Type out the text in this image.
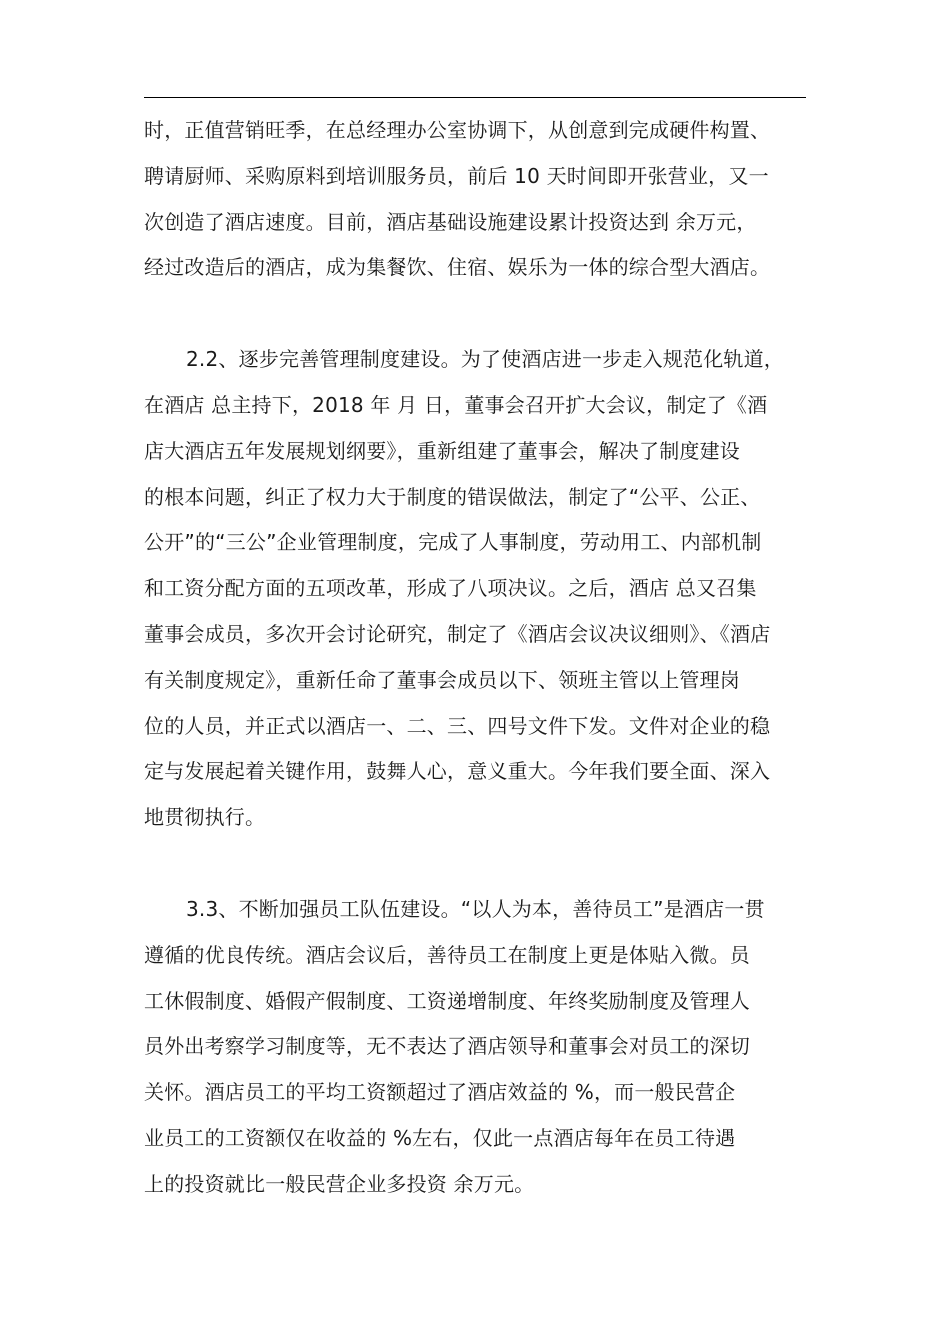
时，正值营销旺季，在总经理办公室协调下，从创意到完成硬件构置、
聘请厨师、采购原料到培训服务员，前后 10 天时间即开张营业，又一
次创造了酒店速度。目前，酒店基础设施建设累计投资达到 余万元，
经过改造后的酒店，成为集餐饮、住宿、娱乐为一体的综合型大酒店。

2.2、逐步完善管理制度建设。为了使酒店进一步走入规范化轨道，
在酒店 总主持下，2018 年 月 日，董事会召开扩大会议，制定了《酒
店大酒店五年发展规划纲要》，重新组建了董事会，解决了制度建设
的根本问题，纠正了权力大于制度的错误做法，制定了“公平、公正、
公开”的“三公”企业管理制度，完成了人事制度，劳动用工、内部机制
和工资分配方面的五项改革，形成了八项决议。之后，酒店 总又召集
董事会成员，多次开会讨论研究，制定了《酒店会议决议细则》、《酒店
有关制度规定》，重新任命了董事会成员以下、领班主管以上管理岗
位的人员，并正式以酒店一、二、三、四号文件下发。文件对企业的稳
定与发展起着关键作用，鼓舞人心，意义重大。今年我们要全面、深入
地贯彻执行。

3.3、不断加强员工队伍建设。“以人为本，善待员工”是酒店一贯
遵循的优良传统。酒店会议后，善待员工在制度上更是体贴入微。员
工休假制度、婚假产假制度、工资递增制度、年终奖励制度及管理人
员外出考察学习制度等，无不表达了酒店领导和董事会对员工的深切
关怀。酒店员工的平均工资额超过了酒店效益的 %，而一般民营企
业员工的工资额仅在收益的 %左右，仅此一点酒店每年在员工待遇
上的投资就比一般民营企业多投资 余万元。
